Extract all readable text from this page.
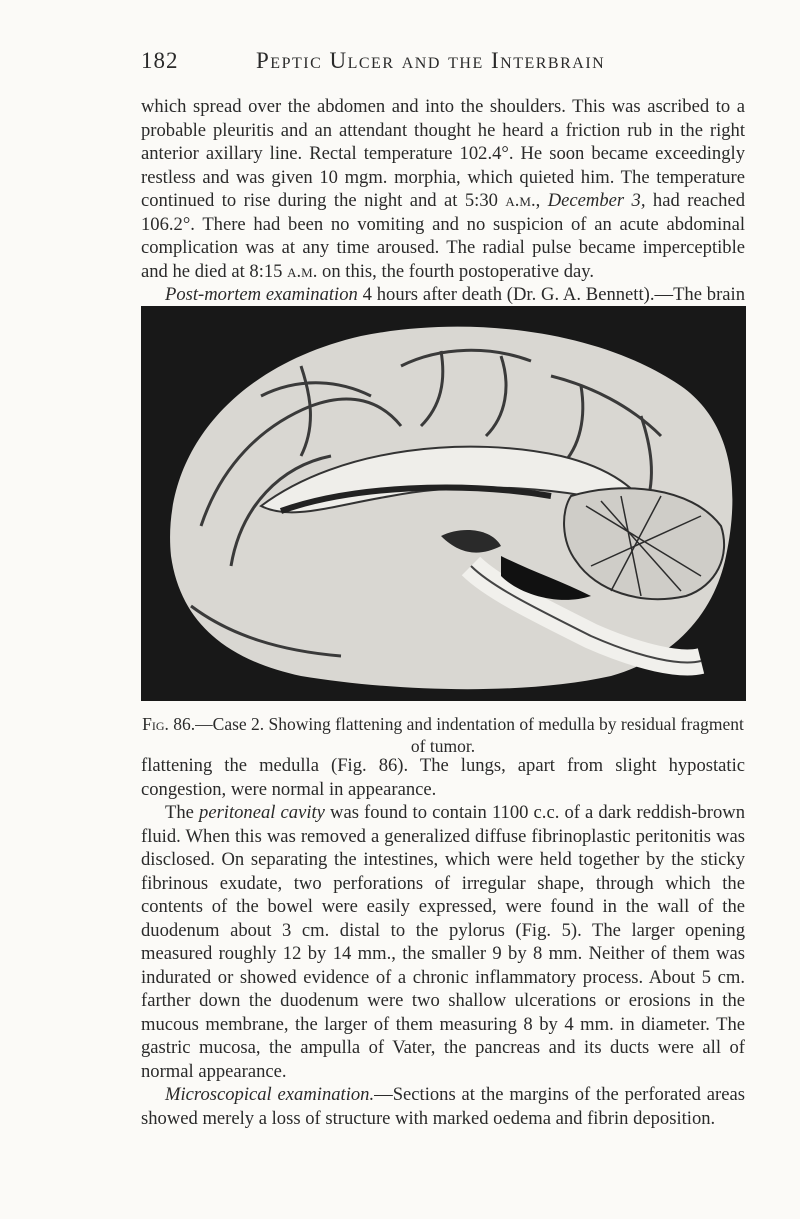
182	Peptic Ulcer and the Interbrain

which spread over the abdomen and into the shoulders. This was ascribed to a probable pleuritis and an attendant thought he heard a friction rub in the right anterior axillary line. Rectal temperature 102.4°. He soon became exceedingly restless and was given 10 mgm. morphia, which quieted him. The temperature continued to rise during the night and at 5:30 a.m., December 3, had reached 106.2°. There had been no vomiting and no suspicion of an acute abdominal complication was at any time aroused. The radial pulse became imperceptible and he died at 8:15 a.m. on this, the fourth postoperative day.
Post-mortem examination 4 hours after death (Dr. G. A. Bennett).—The brain

Fig. 86.—Case 2. Showing flattening and indentation of medulla by residual fragment of tumor.

flattening the medulla (Fig. 86). The lungs, apart from slight hypostatic congestion, were normal in appearance.
The peritoneal cavity was found to contain 1100 c.c. of a dark reddish-brown fluid. When this was removed a generalized diffuse fibrinoplastic peritonitis was disclosed. On separating the intestines, which were held together by the sticky fibrinous exudate, two perforations of irregular shape, through which the contents of the bowel were easily expressed, were found in the wall of the duodenum about 3 cm. distal to the pylorus (Fig. 5). The larger opening measured roughly 12 by 14 mm., the smaller 9 by 8 mm. Neither of them was indurated or showed evidence of a chronic inflammatory process. About 5 cm. farther down the duodenum were two shallow ulcerations or erosions in the mucous membrane, the larger of them measuring 8 by 4 mm. in diameter. The gastric mucosa, the ampulla of Vater, the pancreas and its ducts were all of normal appearance.
Microscopical examination.—Sections at the margins of the perforated areas showed merely a loss of structure with marked oedema and fibrin deposition.
